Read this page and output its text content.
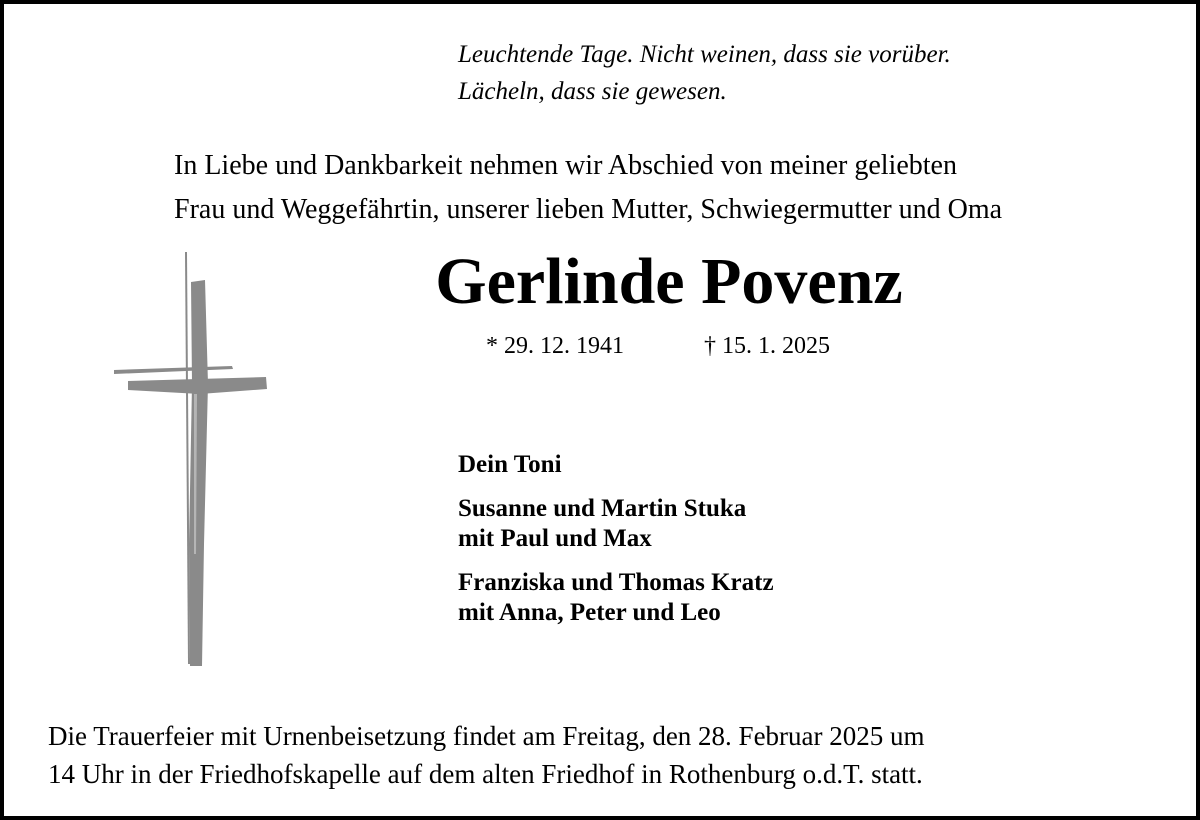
Leuchtende Tage. Nicht weinen, dass sie vorüber.
Lächeln, dass sie gewesen.
In Liebe und Dankbarkeit nehmen wir Abschied von meiner geliebten
Frau und Weggefährtin, unserer lieben Mutter, Schwiegermutter und Oma
Gerlinde Povenz
* 29. 12. 1941	† 15. 1. 2025
Dein Toni
Susanne und Martin Stuka
mit Paul und Max
Franziska und Thomas Kratz
mit Anna, Peter und Leo
Die Trauerfeier mit Urnenbeisetzung findet am Freitag, den 28. Februar 2025 um
14 Uhr in der Friedhofskapelle auf dem alten Friedhof in Rothenburg o.d.T. statt.
